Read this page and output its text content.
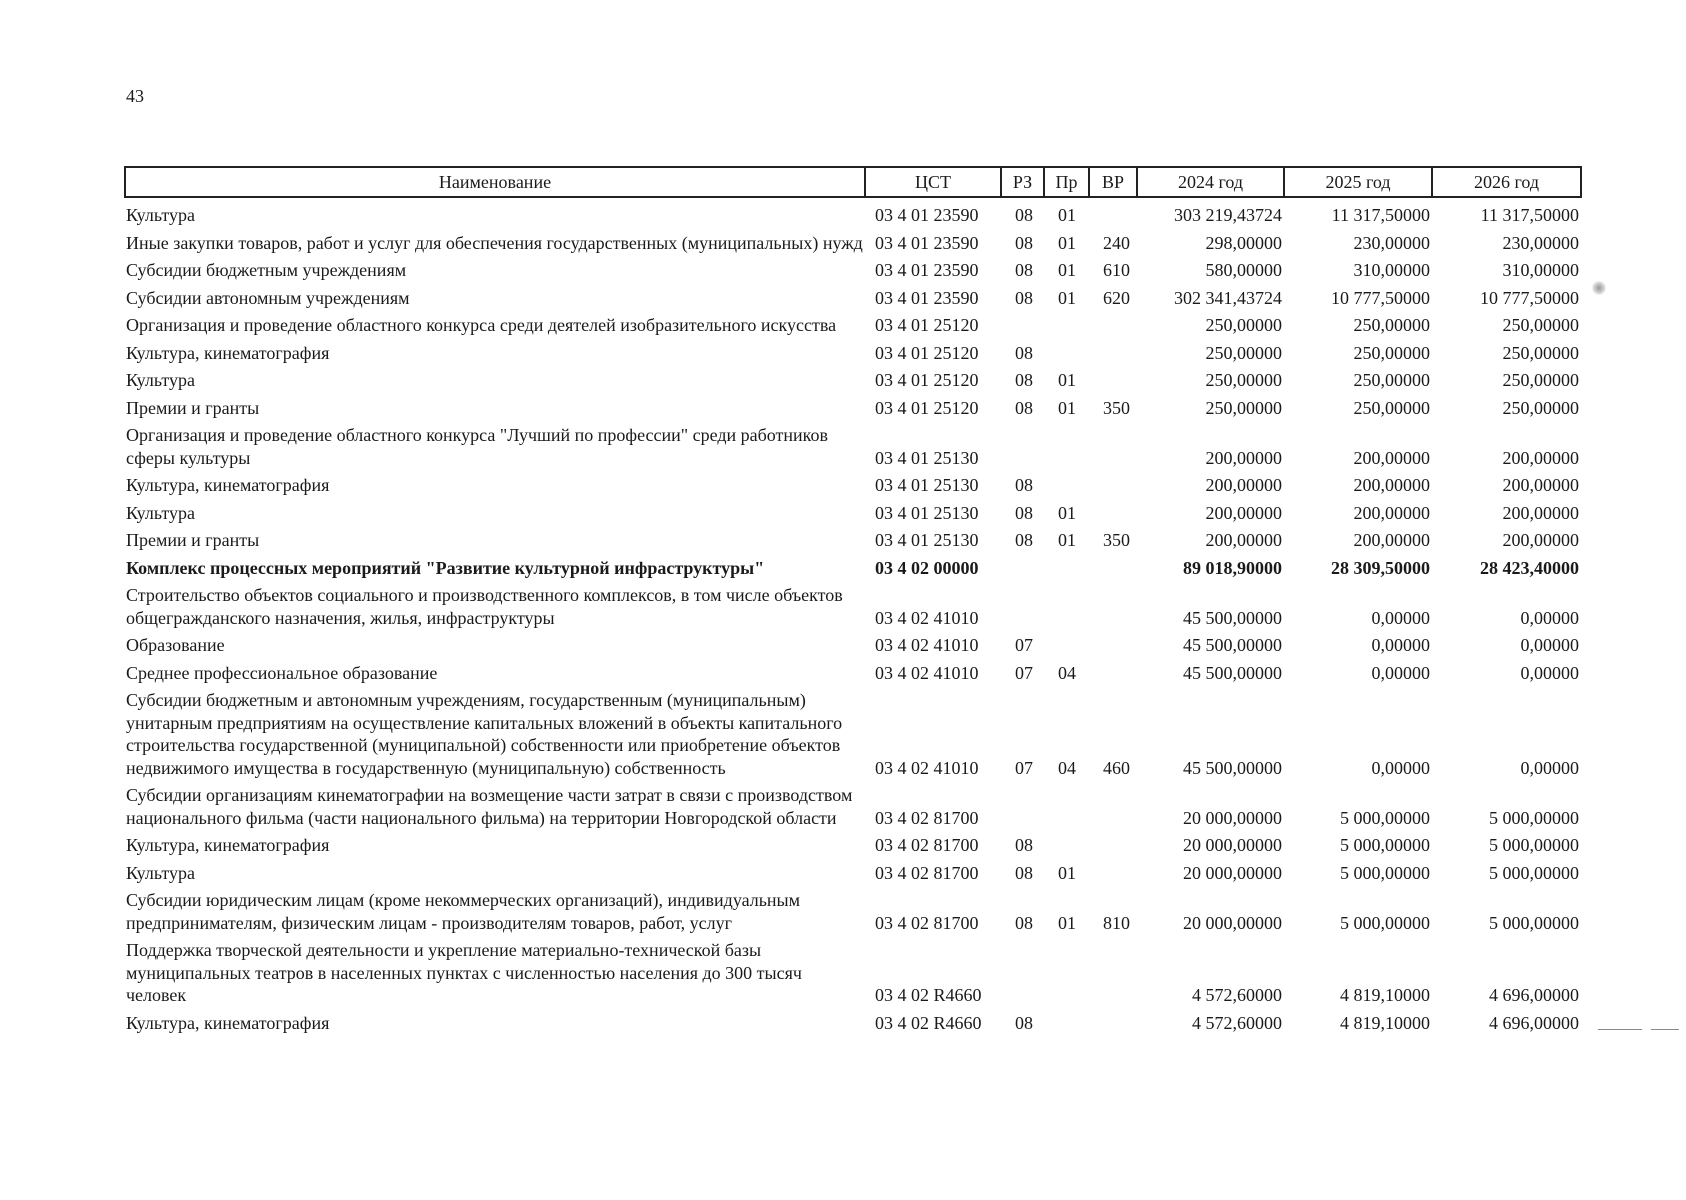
43
Наименование	ЦСТ	РЗ	Пр	ВР	2024 год	2025 год	2026 год
Культура	03 4 01 23590	08	01		303 219,43724	11 317,50000	11 317,50000
Иные закупки товаров, работ и услуг для обеспечения государственных (муниципальных) нужд	03 4 01 23590	08	01	240	298,00000	230,00000	230,00000
Субсидии бюджетным учреждениям	03 4 01 23590	08	01	610	580,00000	310,00000	310,00000
Субсидии автономным учреждениям	03 4 01 23590	08	01	620	302 341,43724	10 777,50000	10 777,50000
Организация и проведение областного конкурса среди деятелей изобразительного искусства	03 4 01 25120				250,00000	250,00000	250,00000
Культура, кинематография	03 4 01 25120	08			250,00000	250,00000	250,00000
Культура	03 4 01 25120	08	01		250,00000	250,00000	250,00000
Премии и гранты	03 4 01 25120	08	01	350	250,00000	250,00000	250,00000
Организация и проведение областного конкурса "Лучший по профессии" среди работников сферы культуры	03 4 01 25130				200,00000	200,00000	200,00000
Культура, кинематография	03 4 01 25130	08			200,00000	200,00000	200,00000
Культура	03 4 01 25130	08	01		200,00000	200,00000	200,00000
Премии и гранты	03 4 01 25130	08	01	350	200,00000	200,00000	200,00000
Комплекс процессных мероприятий "Развитие культурной инфраструктуры"	03 4 02 00000				89 018,90000	28 309,50000	28 423,40000
Строительство объектов социального и производственного комплексов, в том числе объектов общегражданского назначения, жилья, инфраструктуры	03 4 02 41010				45 500,00000	0,00000	0,00000
Образование	03 4 02 41010	07			45 500,00000	0,00000	0,00000
Среднее профессиональное образование	03 4 02 41010	07	04		45 500,00000	0,00000	0,00000
Субсидии бюджетным и автономным учреждениям, государственным (муниципальным) унитарным предприятиям на осуществление капитальных вложений в объекты капитального строительства государственной (муниципальной) собственности или приобретение объектов недвижимого имущества в государственную (муниципальную) собственность	03 4 02 41010	07	04	460	45 500,00000	0,00000	0,00000
Субсидии организациям кинематографии на возмещение части затрат в связи с производством национального фильма (части национального фильма) на территории Новгородской области	03 4 02 81700				20 000,00000	5 000,00000	5 000,00000
Культура, кинематография	03 4 02 81700	08			20 000,00000	5 000,00000	5 000,00000
Культура	03 4 02 81700	08	01		20 000,00000	5 000,00000	5 000,00000
Субсидии юридическим лицам (кроме некоммерческих организаций), индивидуальным предпринимателям, физическим лицам - производителям товаров, работ, услуг	03 4 02 81700	08	01	810	20 000,00000	5 000,00000	5 000,00000
Поддержка творческой деятельности и укрепление материально-технической базы муниципальных театров в населенных пунктах с численностью населения до 300 тысяч человек	03 4 02 R4660				4 572,60000	4 819,10000	4 696,00000
Культура, кинематография	03 4 02 R4660	08			4 572,60000	4 819,10000	4 696,00000
